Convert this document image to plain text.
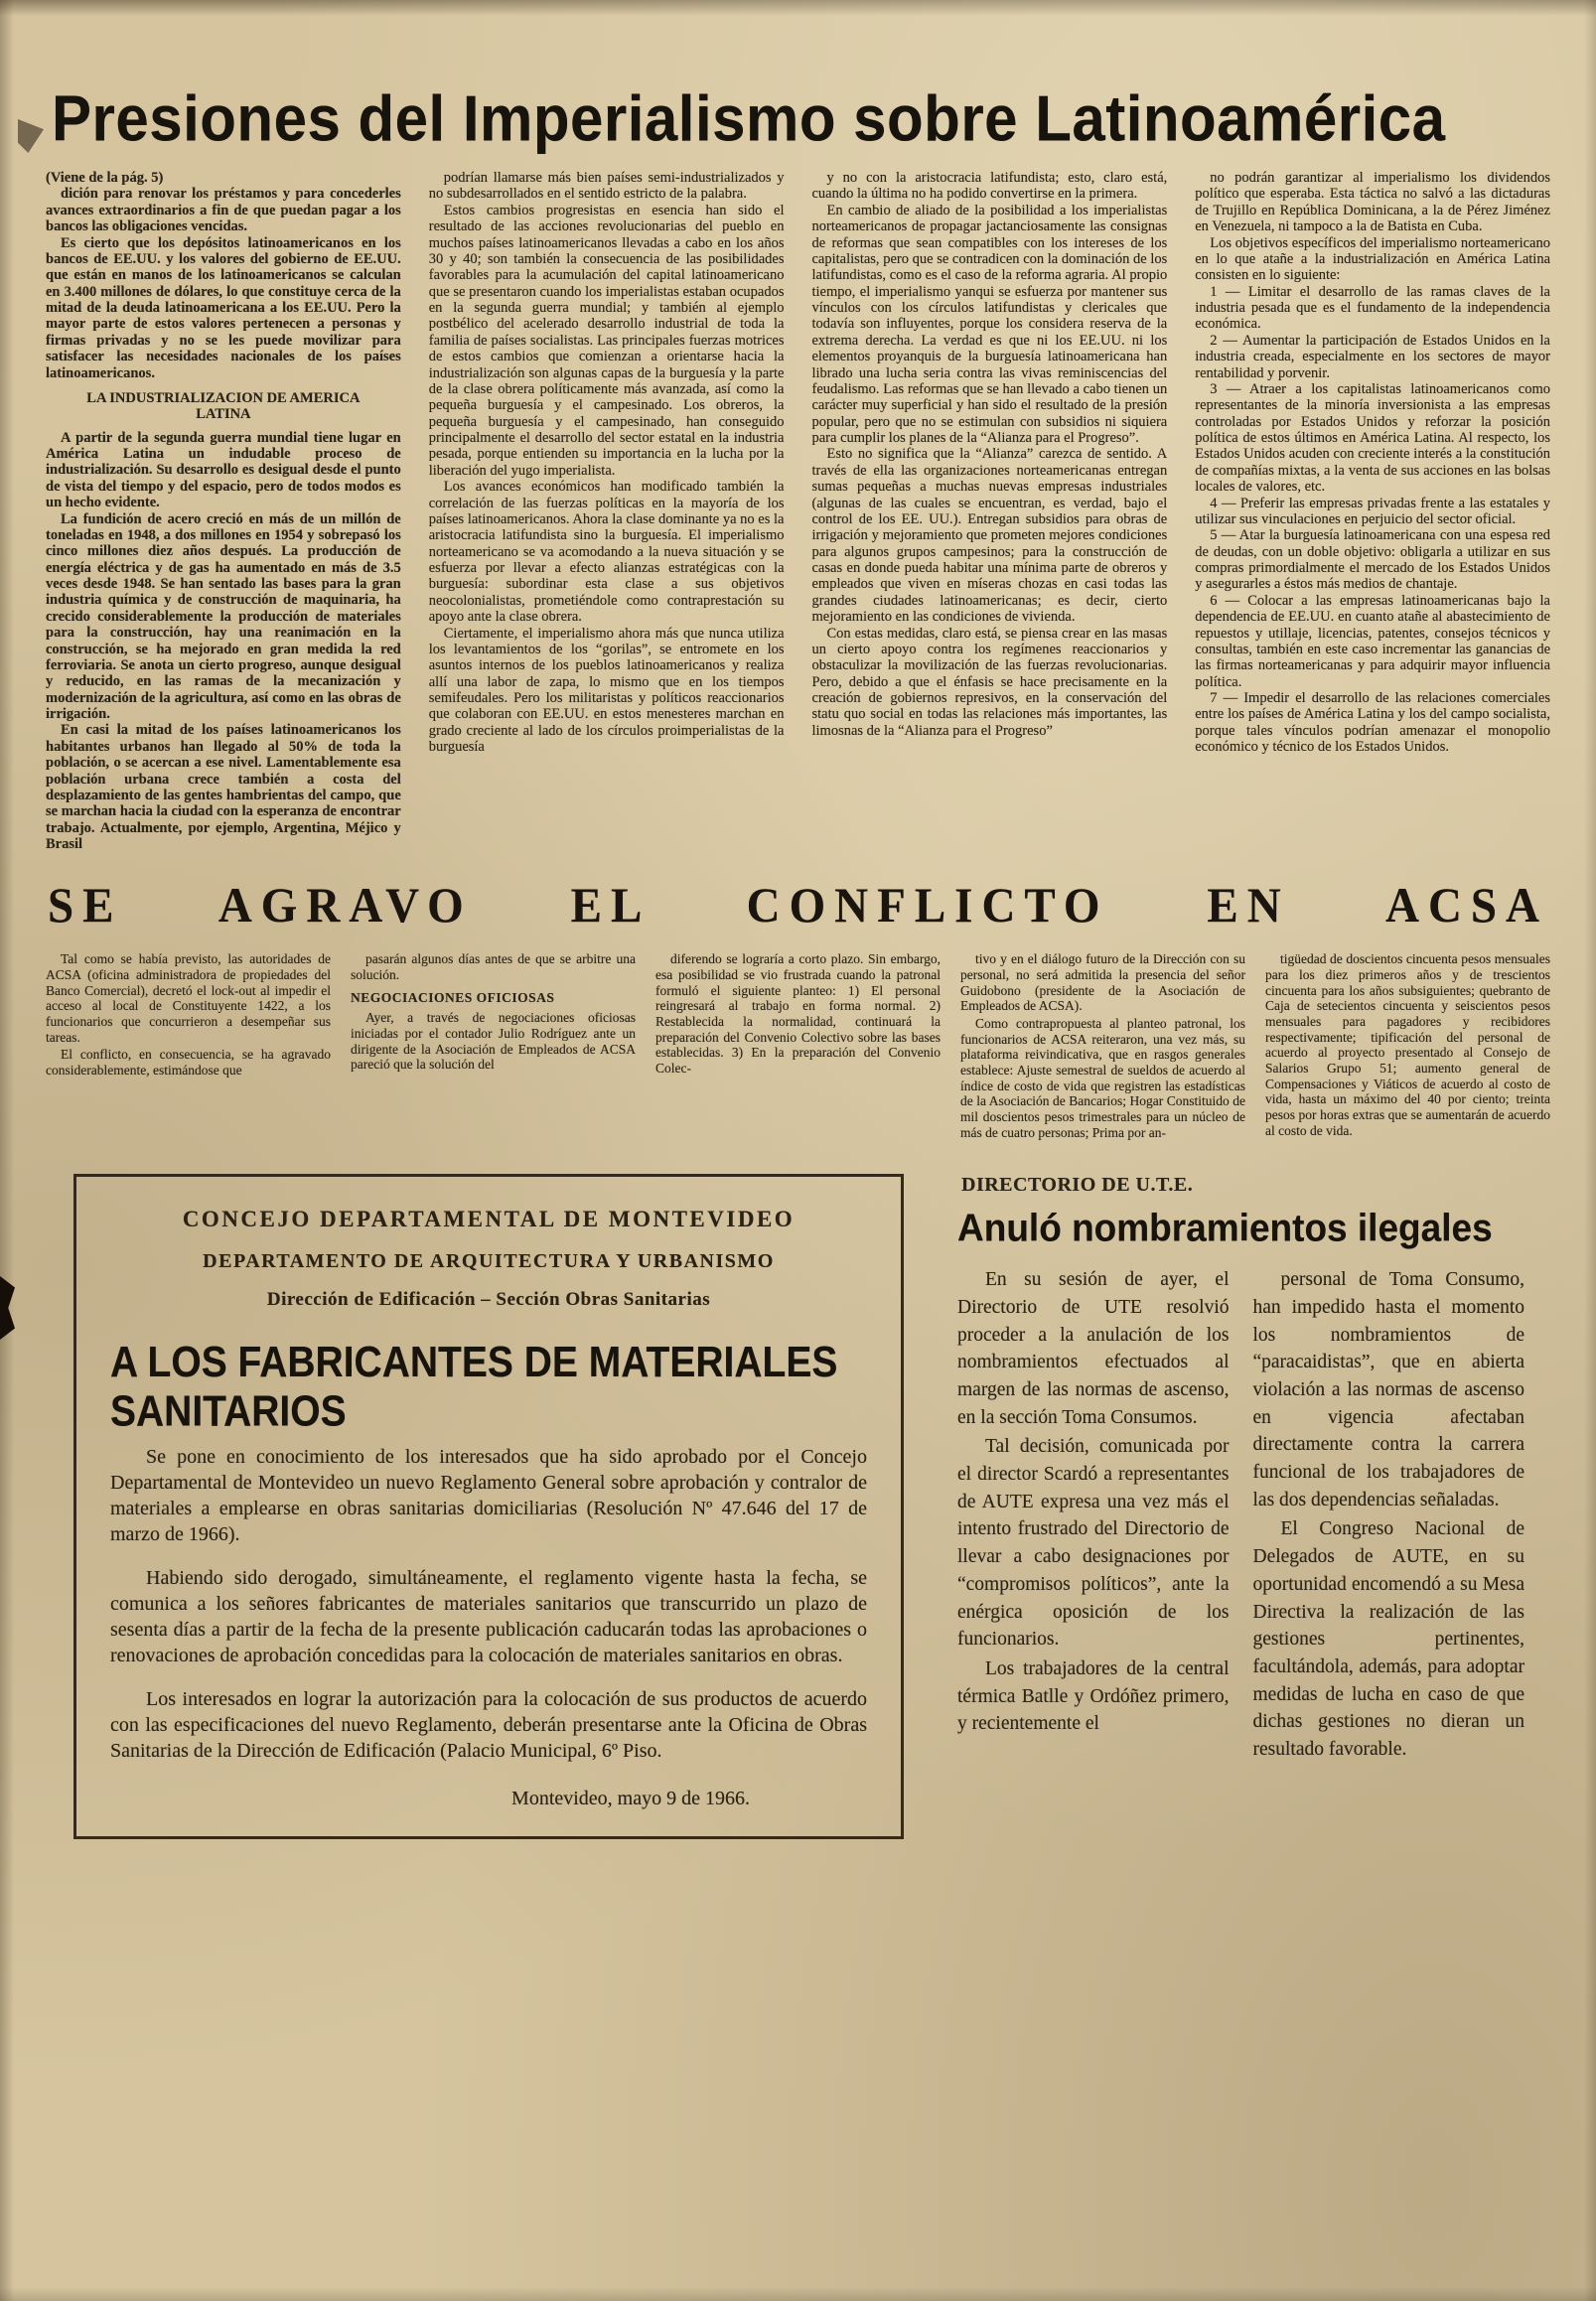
Presiones del Imperialismo sobre Latinoamérica

(Viene de la pág. 5)

dición para renovar los préstamos y para concederles avances extraordinarios a fin de que puedan pagar a los bancos las obligaciones vencidas.

Es cierto que los depósitos latinoamericanos en los bancos de EE.UU. y los valores del gobierno de EE.UU. que están en manos de los latinoamericanos se calculan en 3.400 millones de dólares, lo que constituye cerca de la mitad de la deuda latinoamericana a los EE.UU. Pero la mayor parte de estos valores pertenecen a personas y firmas privadas y no se les puede movilizar para satisfacer las necesidades nacionales de los países latinoamericanos.

LA INDUSTRIALIZACION DE AMERICA LATINA

A partir de la segunda guerra mundial tiene lugar en América Latina un indudable proceso de industrialización. Su desarrollo es desigual desde el punto de vista del tiempo y del espacio, pero de todos modos es un hecho evidente.

La fundición de acero creció en más de un millón de toneladas en 1948, a dos millones en 1954 y sobrepasó los cinco millones diez años después. La producción de energía eléctrica y de gas ha aumentado en más de 3.5 veces desde 1948. Se han sentado las bases para la gran industria química y de construcción de maquinaria, ha crecido considerablemente la producción de materiales para la construcción, hay una reanimación en la construcción, se ha mejorado en gran medida la red ferroviaria. Se anota un cierto progreso, aunque desigual y reducido, en las ramas de la mecanización y modernización de la agricultura, así como en las obras de irrigación.

En casi la mitad de los países latinoamericanos los habitantes urbanos han llegado al 50% de toda la población, o se acercan a ese nivel. Lamentablemente esa población urbana crece también a costa del desplazamiento de las gentes hambrientas del campo, que se marchan hacia la ciudad con la esperanza de encontrar trabajo. Actualmente, por ejemplo, Argentina, Méjico y Brasil

podrían llamarse más bien países semi-industrializados y no subdesarrollados en el sentido estricto de la palabra.

Estos cambios progresistas en esencia han sido el resultado de las acciones revolucionarias del pueblo en muchos países latinoamericanos llevadas a cabo en los años 30 y 40; son también la consecuencia de las posibilidades favorables para la acumulación del capital latinoamericano que se presentaron cuando los imperialistas estaban ocupados en la segunda guerra mundial; y también al ejemplo postbélico del acelerado desarrollo industrial de toda la familia de países socialistas. Las principales fuerzas motrices de estos cambios que comienzan a orientarse hacia la industrialización son algunas capas de la burguesía y la parte de la clase obrera políticamente más avanzada, así como la pequeña burguesía y el campesinado. Los obreros, la pequeña burguesía y el campesinado, han conseguido principalmente el desarrollo del sector estatal en la industria pesada, porque entienden su importancia en la lucha por la liberación del yugo imperialista.

Los avances económicos han modificado también la correlación de las fuerzas políticas en la mayoría de los países latinoamericanos. Ahora la clase dominante ya no es la aristocracia latifundista sino la burguesía. El imperialismo norteamericano se va acomodando a la nueva situación y se esfuerza por llevar a efecto alianzas estratégicas con la burguesía: subordinar esta clase a sus objetivos neocolonialistas, prometiéndole como contraprestación su apoyo ante la clase obrera.

Ciertamente, el imperialismo ahora más que nunca utiliza los levantamientos de los “gorilas”, se entromete en los asuntos internos de los pueblos latinoamericanos y realiza allí una labor de zapa, lo mismo que en los tiempos semifeudales. Pero los militaristas y políticos reaccionarios que colaboran con EE.UU. en estos menesteres marchan en grado creciente al lado de los círculos proimperialistas de la burguesía

y no con la aristocracia latifundista; esto, claro está, cuando la última no ha podido convertirse en la primera.

En cambio de aliado de la posibilidad a los imperialistas norteamericanos de propagar jactanciosamente las consignas de reformas que sean compatibles con los intereses de los capitalistas, pero que se contradicen con la dominación de los latifundistas, como es el caso de la reforma agraria. Al propio tiempo, el imperialismo yanqui se esfuerza por mantener sus vínculos con los círculos latifundistas y clericales que todavía son influyentes, porque los considera reserva de la extrema derecha. La verdad es que ni los EE.UU. ni los elementos proyanquis de la burguesía latinoamericana han librado una lucha seria contra las vivas reminiscencias del feudalismo. Las reformas que se han llevado a cabo tienen un carácter muy superficial y han sido el resultado de la presión popular, pero que no se estimulan con subsidios ni siquiera para cumplir los planes de la “Alianza para el Progreso”.

Esto no significa que la “Alianza” carezca de sentido. A través de ella las organizaciones norteamericanas entregan sumas pequeñas a muchas nuevas empresas industriales (algunas de las cuales se encuentran, es verdad, bajo el control de los EE. UU.). Entregan subsidios para obras de irrigación y mejoramiento que prometen mejores condiciones para algunos grupos campesinos; para la construcción de casas en donde pueda habitar una mínima parte de obreros y empleados que viven en míseras chozas en casi todas las grandes ciudades latinoamericanas; es decir, cierto mejoramiento en las condiciones de vivienda.

Con estas medidas, claro está, se piensa crear en las masas un cierto apoyo contra los regímenes reaccionarios y obstaculizar la movilización de las fuerzas revolucionarias. Pero, debido a que el énfasis se hace precisamente en la creación de gobiernos represivos, en la conservación del statu quo social en todas las relaciones más importantes, las limosnas de la “Alianza para el Progreso”

no podrán garantizar al imperialismo los dividendos político que esperaba. Esta táctica no salvó a las dictaduras de Trujillo en República Dominicana, a la de Pérez Jiménez en Venezuela, ni tampoco a la de Batista en Cuba.

Los objetivos específicos del imperialismo norteamericano en lo que atañe a la industrialización en América Latina consisten en lo siguiente:

1 — Limitar el desarrollo de las ramas claves de la industria pesada que es el fundamento de la independencia económica.

2 — Aumentar la participación de Estados Unidos en la industria creada, especialmente en los sectores de mayor rentabilidad y porvenir.

3 — Atraer a los capitalistas latinoamericanos como representantes de la minoría inversionista a las empresas controladas por Estados Unidos y reforzar la posición política de estos últimos en América Latina. Al respecto, los Estados Unidos acuden con creciente interés a la constitución de compañías mixtas, a la venta de sus acciones en las bolsas locales de valores, etc.

4 — Preferir las empresas privadas frente a las estatales y utilizar sus vinculaciones en perjuicio del sector oficial.

5 — Atar la burguesía latinoamericana con una espesa red de deudas, con un doble objetivo: obligarla a utilizar en sus compras primordialmente el mercado de los Estados Unidos y asegurarles a éstos más medios de chantaje.

6 — Colocar a las empresas latinoamericanas bajo la dependencia de EE.UU. en cuanto atañe al abastecimiento de repuestos y utillaje, licencias, patentes, consejos técnicos y consultas, también en este caso incrementar las ganancias de las firmas norteamericanas y para adquirir mayor influencia política.

7 — Impedir el desarrollo de las relaciones comerciales entre los países de América Latina y los del campo socialista, porque tales vínculos podrían amenazar el monopolio económico y técnico de los Estados Unidos.

SE AGRAVO EL CONFLICTO EN ACSA

Tal como se había previsto, las autoridades de ACSA (oficina administradora de propiedades del Banco Comercial), decretó el lock-out al impedir el acceso al local de Constituyente 1422, a los funcionarios que concurrieron a desempeñar sus tareas.

El conflicto, en consecuencia, se ha agravado considerablemente, estimándose que

pasarán algunos días antes de que se arbitre una solución.

NEGOCIACIONES OFICIOSAS

Ayer, a través de negociaciones oficiosas iniciadas por el contador Julio Rodríguez ante un dirigente de la Asociación de Empleados de ACSA pareció que la solución del

diferendo se lograría a corto plazo. Sin embargo, esa posibilidad se vio frustrada cuando la patronal formuló el siguiente planteo: 1) El personal reingresará al trabajo en forma normal. 2) Restablecida la normalidad, continuará la preparación del Convenio Colectivo sobre las bases establecidas. 3) En la preparación del Convenio Colec-

tivo y en el diálogo futuro de la Dirección con su personal, no será admitida la presencia del señor Guidobono (presidente de la Asociación de Empleados de ACSA).

Como contrapropuesta al planteo patronal, los funcionarios de ACSA reiteraron, una vez más, su plataforma reivindicativa, que en rasgos generales establece: Ajuste semestral de sueldos de acuerdo al índice de costo de vida que registren las estadísticas de la Asociación de Bancarios; Hogar Constituido de mil doscientos pesos trimestrales para un núcleo de más de cuatro personas; Prima por an-

tigüedad de doscientos cincuenta pesos mensuales para los diez primeros años y de trescientos cincuenta para los años subsiguientes; quebranto de Caja de setecientos cincuenta y seiscientos pesos mensuales para pagadores y recibidores respectivamente; tipificación del personal de acuerdo al proyecto presentado al Consejo de Salarios Grupo 51; aumento general de Compensaciones y Viáticos de acuerdo al costo de vida, hasta un máximo del 40 por ciento; treinta pesos por horas extras que se aumentarán de acuerdo al costo de vida.

CONCEJO DEPARTAMENTAL DE MONTEVIDEO
DEPARTAMENTO DE ARQUITECTURA Y URBANISMO
Dirección de Edificación – Sección Obras Sanitarias
A LOS FABRICANTES DE MATERIALES SANITARIOS

Se pone en conocimiento de los interesados que ha sido aprobado por el Concejo Departamental de Montevideo un nuevo Reglamento General sobre aprobación y contralor de materiales a emplearse en obras sanitarias domiciliarias (Resolución Nº 47.646 del 17 de marzo de 1966).

Habiendo sido derogado, simultáneamente, el reglamento vigente hasta la fecha, se comunica a los señores fabricantes de materiales sanitarios que transcurrido un plazo de sesenta días a partir de la fecha de la presente publicación caducarán todas las aprobaciones o renovaciones de aprobación concedidas para la colocación de materiales sanitarios en obras.

Los interesados en lograr la autorización para la colocación de sus productos de acuerdo con las especificaciones del nuevo Reglamento, deberán presentarse ante la Oficina de Obras Sanitarias de la Dirección de Edificación (Palacio Municipal, 6º Piso.

Montevideo, mayo 9 de 1966.
DIRECTORIO DE U.T.E.
Anuló nombramientos ilegales

En su sesión de ayer, el Directorio de UTE resolvió proceder a la anulación de los nombramientos efectuados al margen de las normas de ascenso, en la sección Toma Consumos.

Tal decisión, comunicada por el director Scardó a representantes de AUTE expresa una vez más el intento frustrado del Directorio de llevar a cabo designaciones por “compromisos políticos”, ante la enérgica oposición de los funcionarios.

Los trabajadores de la central térmica Batlle y Ordóñez primero, y recientemente el

personal de Toma Consumo, han impedido hasta el momento los nombramientos de “paracaidistas”, que en abierta violación a las normas de ascenso en vigencia afectaban directamente contra la carrera funcional de los trabajadores de las dos dependencias señaladas.

El Congreso Nacional de Delegados de AUTE, en su oportunidad encomendó a su Mesa Directiva la realización de las gestiones pertinentes, facultándola, además, para adoptar medidas de lucha en caso de que dichas gestiones no dieran un resultado favorable.
